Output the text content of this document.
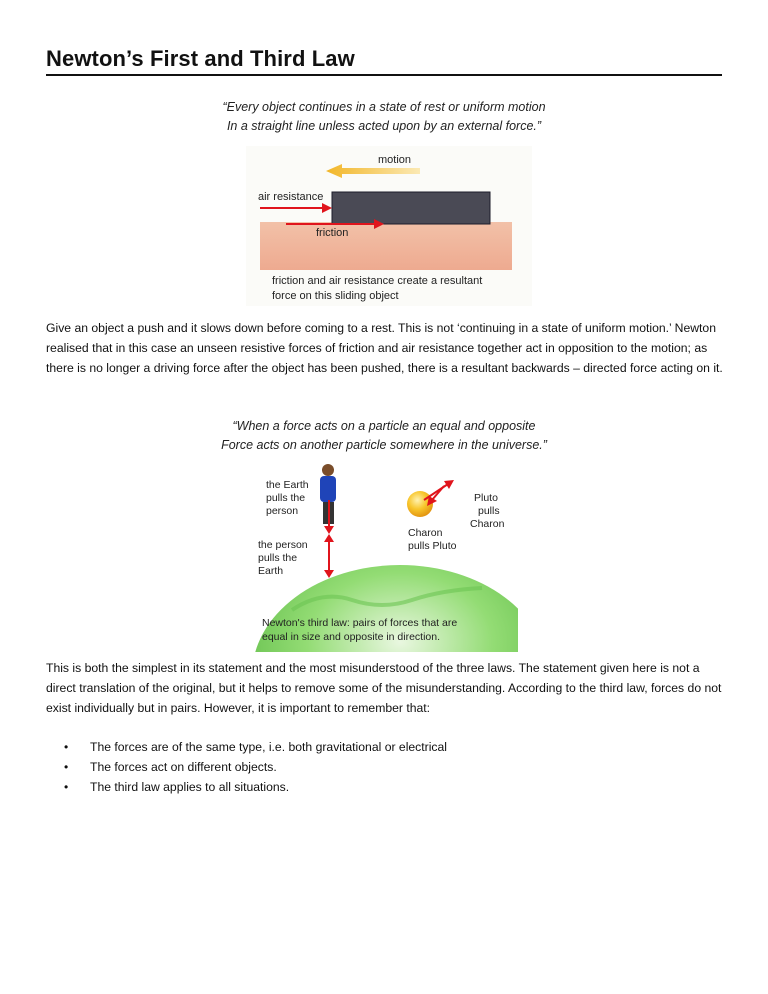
Newton’s First and Third Law
“Every object continues in a state of rest or uniform motion
In a straight line unless acted upon by an external force.”
motion
air resistance
friction
friction and air resistance create a resultant
force on this sliding object

Give an object a push and it slows down before coming to a rest. This is not ‘continuing in a state of uniform motion.’ Newton realised that in this case an unseen resistive forces of friction and air resistance together act in opposition to the motion; as there is no longer a driving force after the object has been pushed, there is a resultant backwards – directed force acting on it.

“When a force acts on a particle an equal and opposite
Force acts on another particle somewhere in the universe.”
the Earth
pulls the
person
the person
pulls the
Earth
Pluto
pulls
Charon
Charon
pulls Pluto
Newton's third law: pairs of forces that are
equal in size and opposite in direction.

This is both the simplest in its statement and the most misunderstood of the three laws. The statement given here is not a direct translation of the original, but it helps to remove some of the misunderstanding. According to the third law, forces do not exist individually but in pairs. However, it is important to remember that:

• The forces are of the same type, i.e. both gravitational or electrical
• The forces act on different objects.
• The third law applies to all situations.
